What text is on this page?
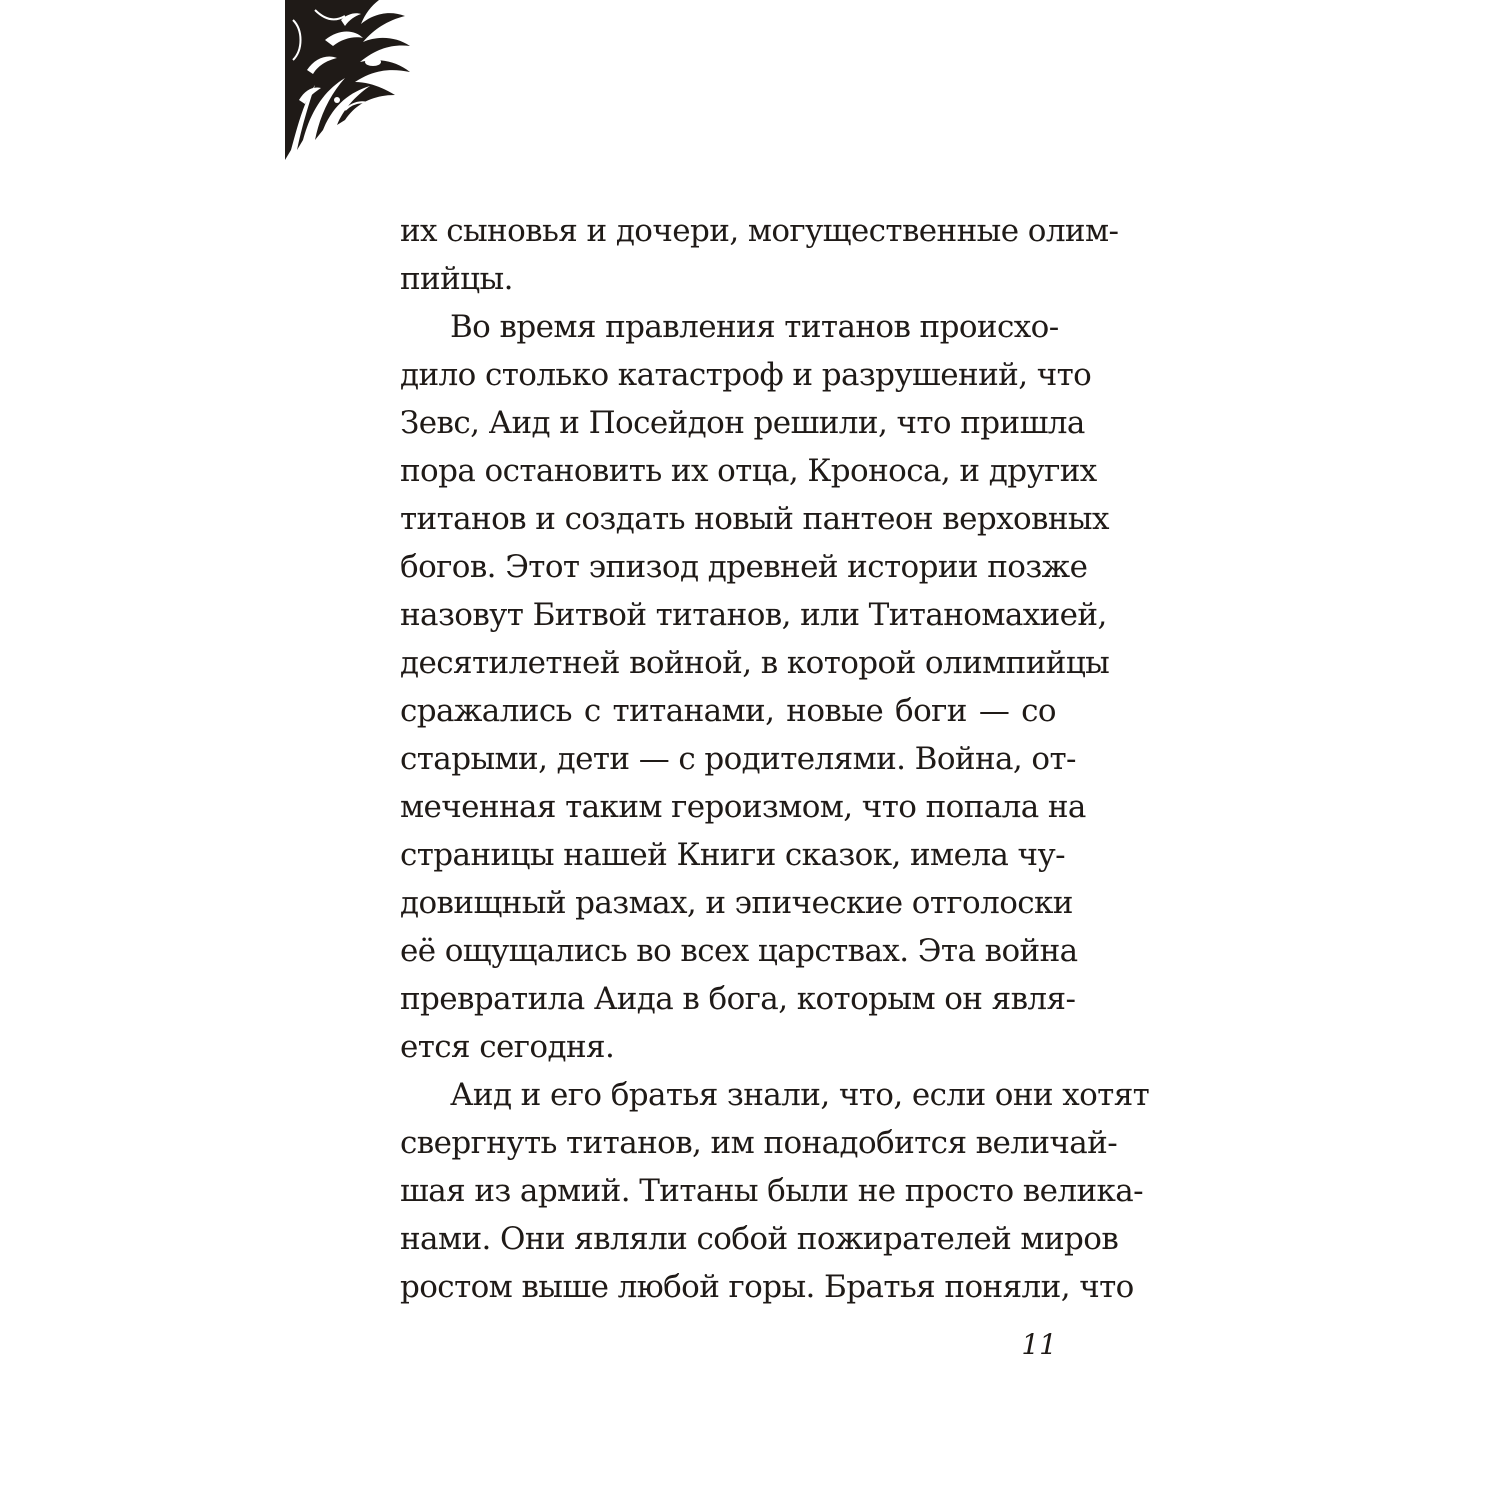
их сыновья и дочери, могущественные олим-
пийцы.
Во время правления титанов происхо-
дило столько катастроф и разрушений, что
Зевс, Аид и Посейдон решили, что пришла
пора остановить их отца, Кроноса, и других
титанов и создать новый пантеон верховных
богов. Этот эпизод древней истории позже
назовут Битвой титанов, или Титаномахией,
десятилетней войной, в которой олимпийцы
сражались с титанами, новые боги — со
старыми, дети — с родителями. Война, от-
меченная таким героизмом, что попала на
страницы нашей Книги сказок, имела чу-
довищный размах, и эпические отголоски
её ощущались во всех царствах. Эта война
превратила Аида в бога, которым он явля-
ется сегодня.
Аид и его братья знали, что, если они хотят
свергнуть титанов, им понадобится величай-
шая из армий. Титаны были не просто велика-
нами. Они являли собой пожирателей миров
ростом выше любой горы. Братья поняли, что
11
